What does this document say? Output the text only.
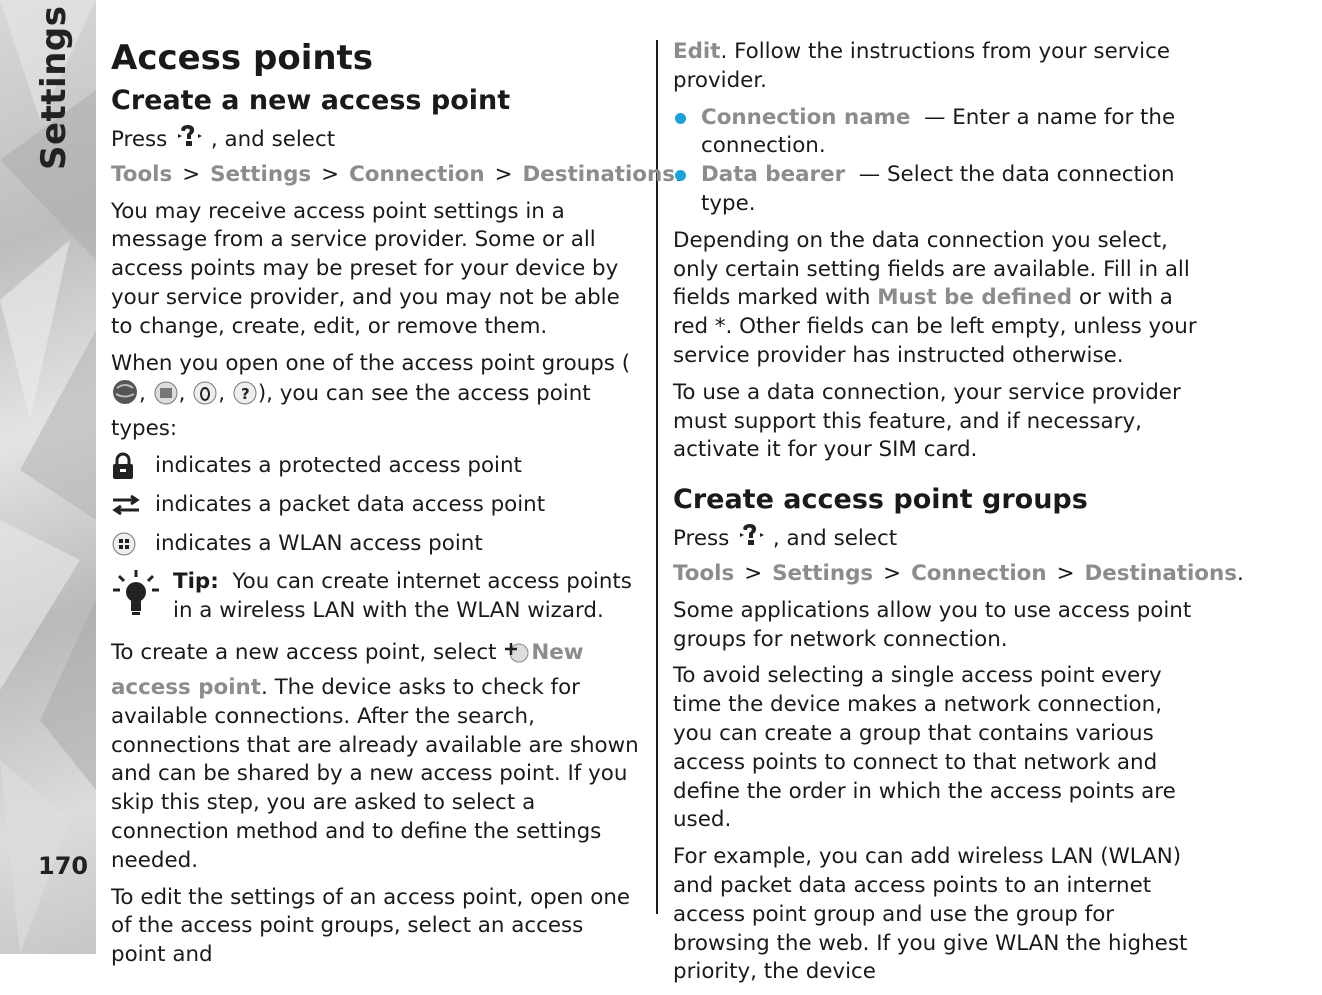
Settings
170
Access points
Create a new access point

Press , and select Tools > Settings > Connection > Destinations

You may receive access point settings in a message from a service provider. Some or all access points may be preset for your device by your service provider, and you may not be able to change, create, edit, or remove them.

When you open one of the access point groups ( , , , ? ), you can see the access point types:

indicates a protected access point
indicates a packet data access point
indicates a WLAN access point
Tip: You can create internet access points in a wireless LAN with the WLAN wizard.

To create a new access point, select New access point. The device asks to check for available connections. After the search, connections that are already available are shown and can be shared by a new access point. If you skip this step, you are asked to select a connection method and to define the settings needed.

To edit the settings of an access point, open one of the access point groups, select an access point and

Edit. Follow the instructions from your service provider.

Connection name — Enter a name for the connection.
Data bearer — Select the data connection type.

Depending on the data connection you select, only certain setting fields are available. Fill in all fields marked with Must be defined or with a red *. Other fields can be left empty, unless your service provider has instructed otherwise.

To use a data connection, your service provider must support this feature, and if necessary, activate it for your SIM card.

Create access point groups

Press , and select Tools > Settings > Connection > Destinations.

Some applications allow you to use access point groups for network connection.

To avoid selecting a single access point every time the device makes a network connection, you can create a group that contains various access points to connect to that network and define the order in which the access points are used.

For example, you can add wireless LAN (WLAN) and packet data access points to an internet access point group and use the group for browsing the web. If you give WLAN the highest priority, the device
